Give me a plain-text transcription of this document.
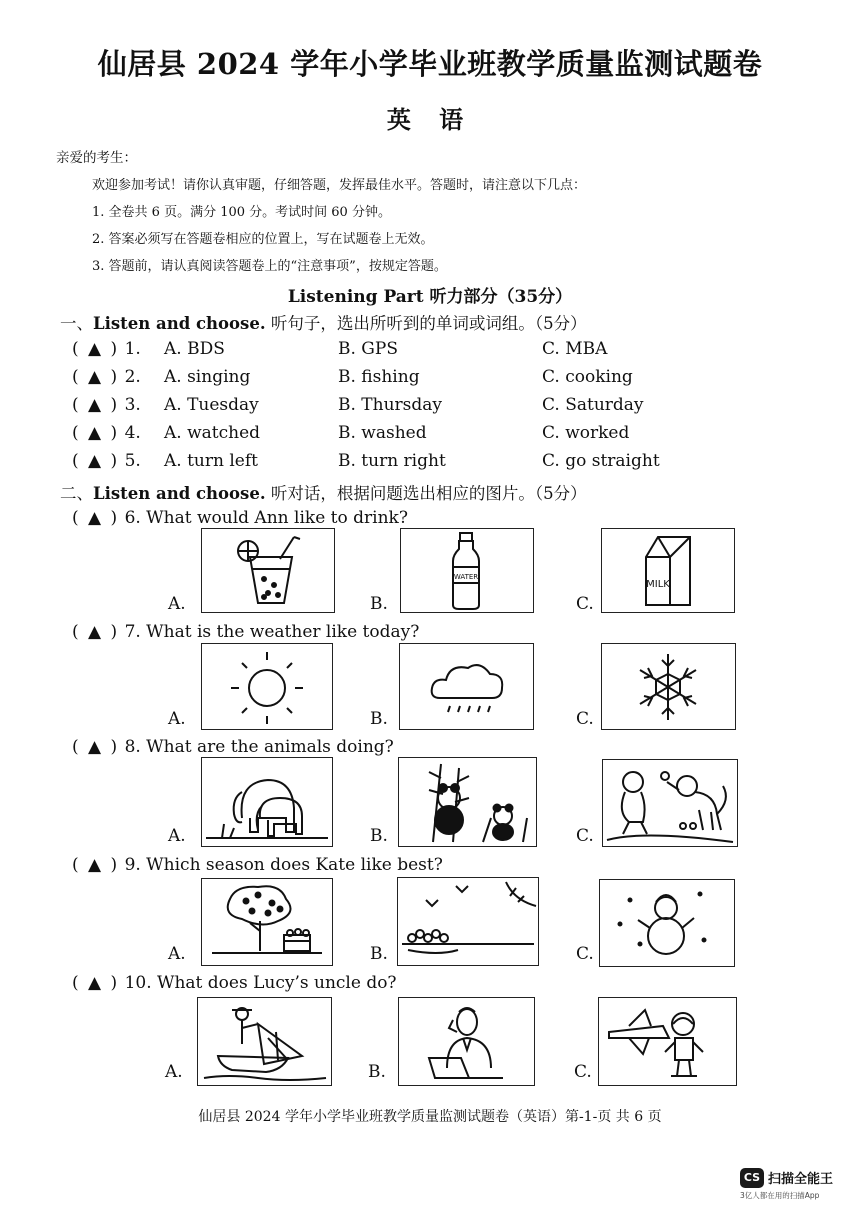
仙居县 2024 学年小学毕业班教学质量监测试题卷
英 语
亲爱的考生：
欢迎参加考试！请你认真审题，仔细答题，发挥最佳水平。答题时，请注意以下几点：
1. 全卷共 6 页。满分 100 分。考试时间 60 分钟。
2. 答案必须写在答题卷相应的位置上，写在试题卷上无效。
3. 答题前，请认真阅读答题卷上的“注意事项”，按规定答题。
Listening Part 听力部分（35分）
一、Listen and choose. 听句子，选出所听到的单词或词组。（5分）
( ▲ ) 1. A. BDS	B. GPS	C. MBA
( ▲ ) 2. A. singing	B. fishing	C. cooking
( ▲ ) 3. A. Tuesday	B. Thursday	C. Saturday
( ▲ ) 4. A. watched	B. washed	C. worked
( ▲ ) 5. A. turn left	B. turn right	C. go straight
二、Listen and choose. 听对话，根据问题选出相应的图片。（5分）
( ▲ ) 6. What would Ann like to drink?
A.	B.
WATER
C.
MILK
( ▲ ) 7. What is the weather like today?
A.	B.	C.
( ▲ ) 8. What are the animals doing?
A.	B.	C.
( ▲ ) 9. Which season does Kate like best?
A.	B.	C.
( ▲ ) 10. What does Lucy’s uncle do?
A.	B.	C.
仙居县 2024 学年小学毕业班教学质量监测试题卷（英语）第-1-页 共 6 页
CS 扫描全能王
3亿人都在用的扫描App
